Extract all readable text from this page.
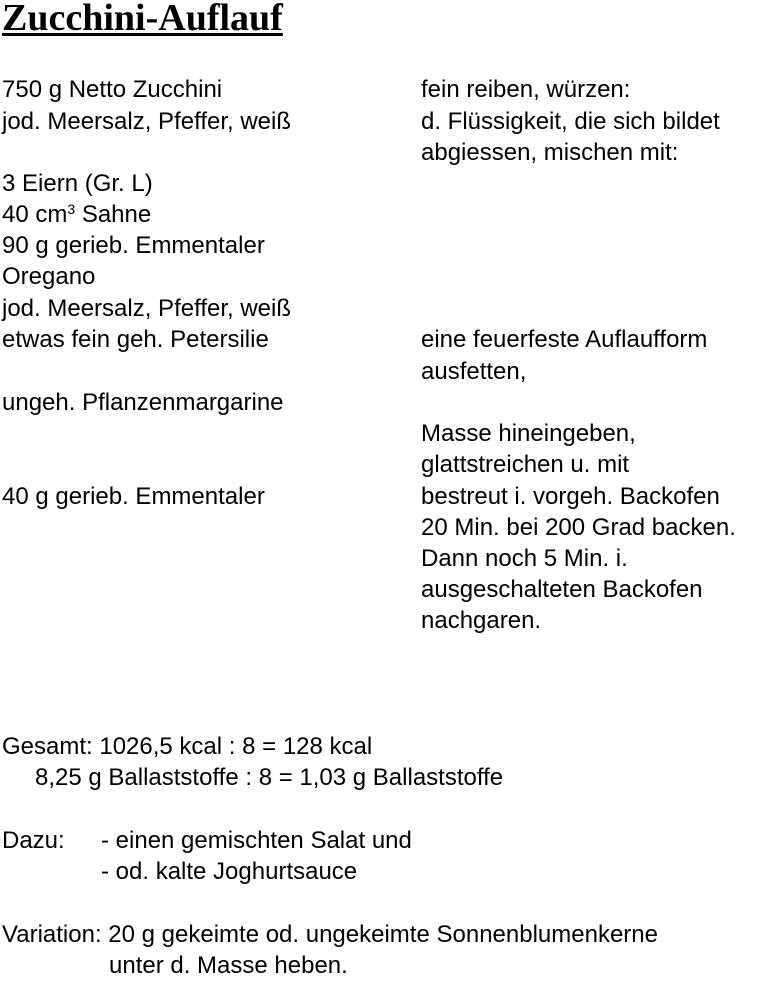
Zucchini-Auflauf
750 g Netto Zucchini
jod. Meersalz, Pfeffer, weiß
3 Eiern (Gr. L)
40 $cm^3$ Sahne
90 g gerieb. Emmentaler
Oregano
jod. Meersalz, Pfeffer, weiß
etwas fein geh. Petersilie
ungeh. Pflanzenmargarine
40 g gerieb. Emmentaler
fein reiben, würzen:
d. Flüssigkeit, die sich bildet
abgiessen, mischen mit:
eine feuerfeste Auflaufform
ausfetten,
Masse hineingeben,
glattstreichen u. mit
bestreut i. vorgeh. Backofen
20 Min. bei 200 Grad backen.
Dann noch 5 Min. i.
ausgeschalteten Backofen
nachgaren.
Gesamt: 1026,5 kcal : 8 = 128 kcal
8,25 g Ballaststoffe : 8 = 1,03 g Ballaststoffe
Dazu: - einen gemischten Salat und
- od. kalte Joghurtsauce
Variation: 20 g gekeimte od. ungekeimte Sonnenblumenkerne
unter d. Masse heben.
